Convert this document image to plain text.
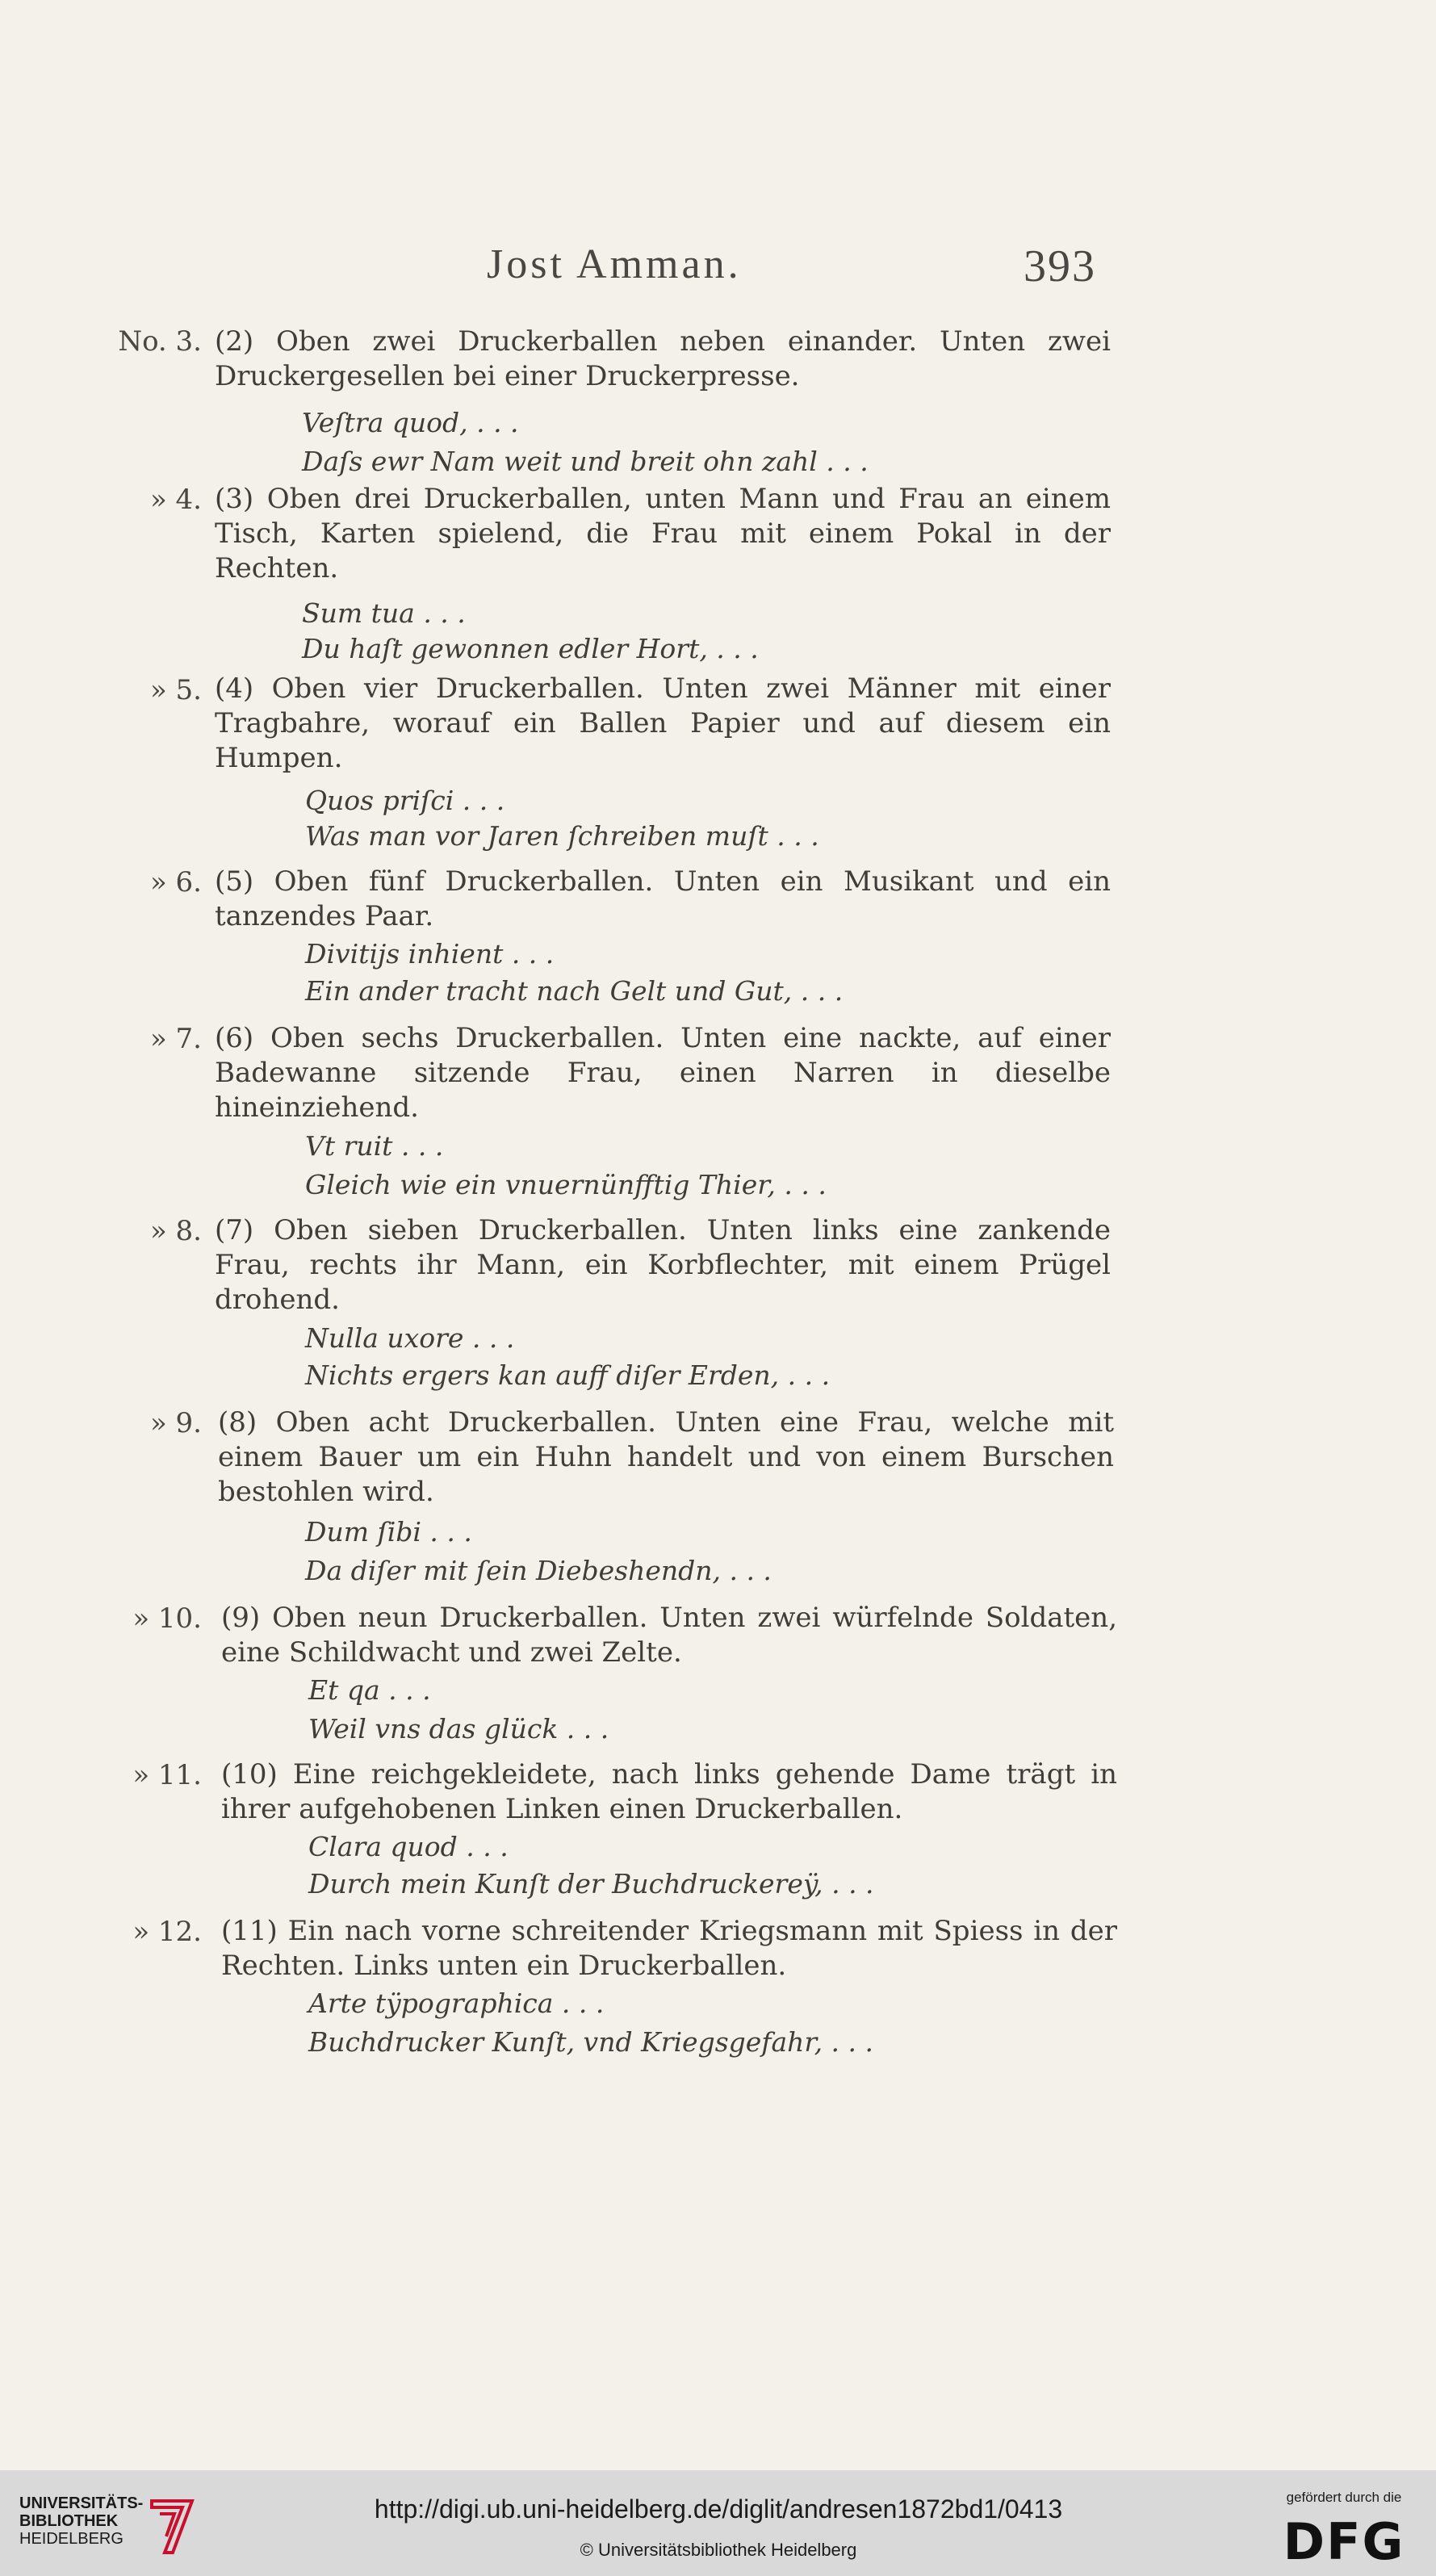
Jost Amman.	393
No. 3. (2) Oben zwei Druckerballen neben einander. Unten zwei Druckergesellen bei einer Druckerpresse.
Veſtra quod, . . .
Daſs ewr Nam weit und breit ohn zahl . . .
» 4. (3) Oben drei Druckerballen, unten Mann und Frau an einem Tisch, Karten spielend, die Frau mit einem Pokal in der Rechten.
Sum tua . . .
Du haſt gewonnen edler Hort, . . .
» 5. (4) Oben vier Druckerballen. Unten zwei Männer mit einer Tragbahre, worauf ein Ballen Papier und auf diesem ein Humpen.
Quos priſci . . .
Was man vor Jaren ſchreiben muſt . . .
» 6. (5) Oben fünf Druckerballen. Unten ein Musikant und ein tanzendes Paar.
Divitijs inhient . . .
Ein ander tracht nach Gelt und Gut, . . .
» 7. (6) Oben sechs Druckerballen. Unten eine nackte, auf einer Badewanne sitzende Frau, einen Narren in dieselbe hineinziehend.
Vt ruit . . .
Gleich wie ein vnuernünfftig Thier, . . .
» 8. (7) Oben sieben Druckerballen. Unten links eine zankende Frau, rechts ihr Mann, ein Korbflechter, mit einem Prügel drohend.
Nulla uxore . . .
Nichts ergers kan auff diſer Erden, . . .
» 9. (8) Oben acht Druckerballen. Unten eine Frau, welche mit einem Bauer um ein Huhn handelt und von einem Burschen bestohlen wird.
Dum ſibi . . .
Da diſer mit ſein Diebeshendn, . . .
» 10. (9) Oben neun Druckerballen. Unten zwei würfelnde Soldaten, eine Schildwacht und zwei Zelte.
Et qa . . .
Weil vns das glück . . .
» 11. (10) Eine reichgekleidete, nach links gehende Dame trägt in ihrer aufgehobenen Linken einen Druckerballen.
Clara quod . . .
Durch mein Kunſt der Buchdruckereÿ, . . .
» 12. (11) Ein nach vorne schreitender Kriegsmann mit Spiess in der Rechten. Links unten ein Druckerballen.
Arte tÿpographica . . .
Buchdrucker Kunſt, vnd Kriegsgefahr, . . .
UNIVERSITÄTS-
BIBLIOTHEK
HEIDELBERG
http://digi.ub.uni-heidelberg.de/diglit/andresen1872bd1/0413
© Universitätsbibliothek Heidelberg
gefördert durch die
DFG
